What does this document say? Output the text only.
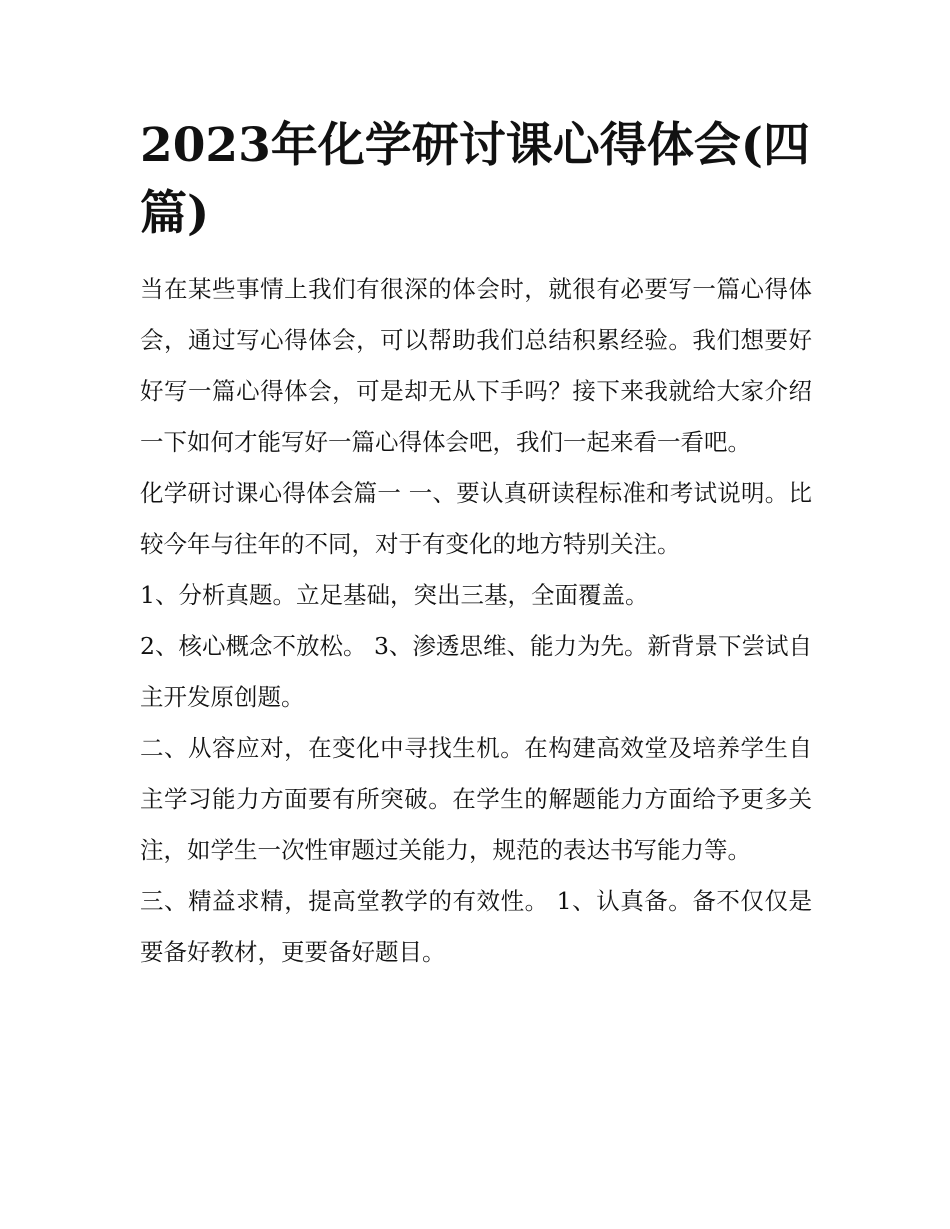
2023年化学研讨课心得体会(四篇)

当在某些事情上我们有很深的体会时，就很有必要写一篇心得体会，通过写心得体会，可以帮助我们总结积累经验。我们想要好好写一篇心得体会，可是却无从下手吗？接下来我就给大家介绍一下如何才能写好一篇心得体会吧，我们一起来看一看吧。

化学研讨课心得体会篇一 一、要认真研读程标准和考试说明。比较今年与往年的不同，对于有变化的地方特别关注。

1、分析真题。立足基础，突出三基，全面覆盖。

2、核心概念不放松。 3、渗透思维、能力为先。新背景下尝试自主开发原创题。

二、从容应对，在变化中寻找生机。在构建高效堂及培养学生自主学习能力方面要有所突破。在学生的解题能力方面给予更多关注，如学生一次性审题过关能力，规范的表达书写能力等。

三、精益求精，提高堂教学的有效性。 1、认真备。备不仅仅是要备好教材，更要备好题目。
